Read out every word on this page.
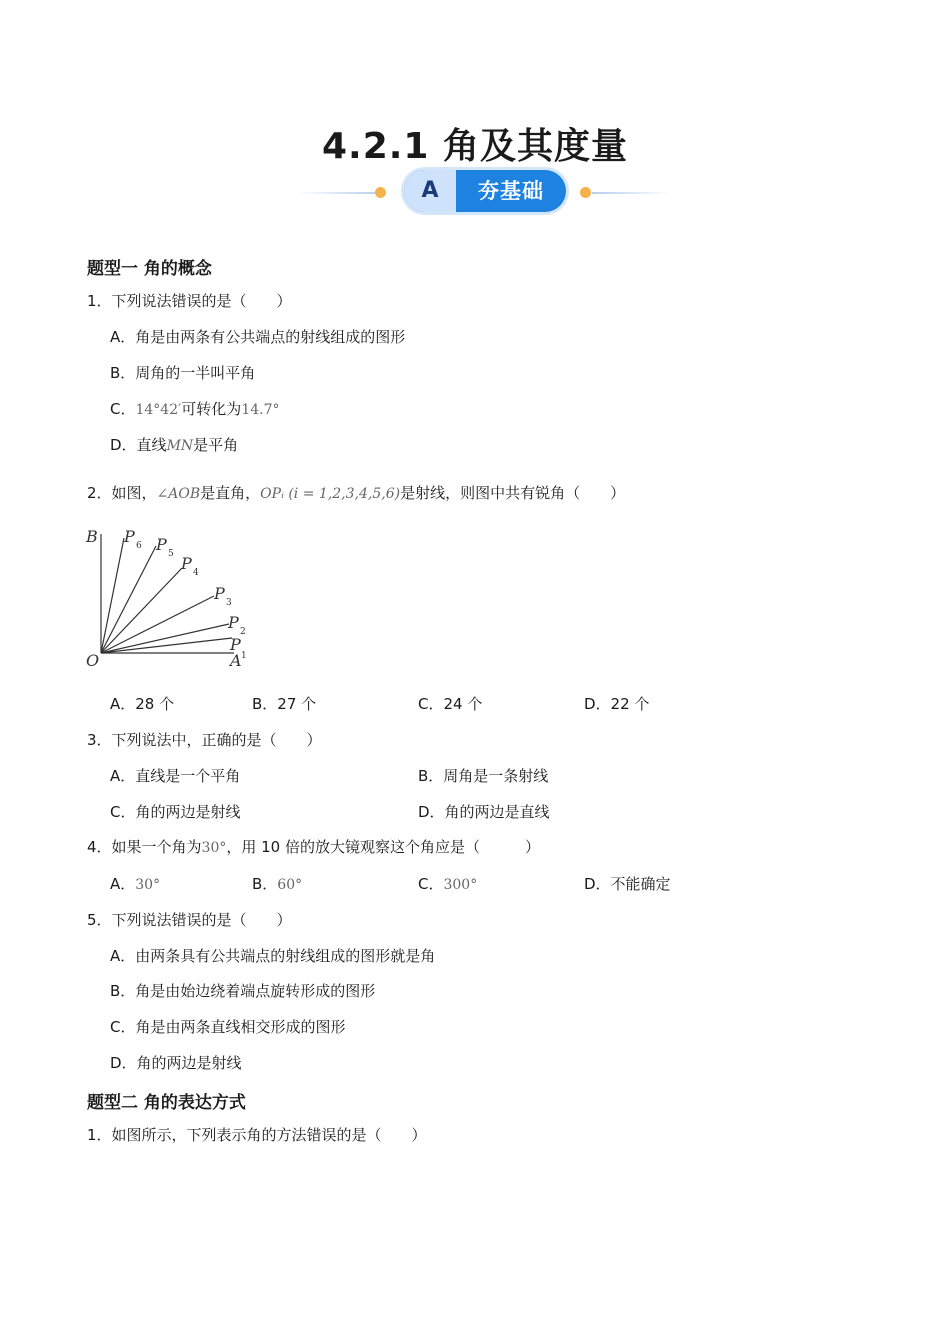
4.2.1 角及其度量
A	夯基础
题型一 角的概念
1．下列说法错误的是（　　）
A．角是由两条有公共端点的射线组成的图形
B．周角的一半叫平角
C．14°42′可转化为14.7°
D．直线MN是平角
2．如图，∠AOB是直角，OPᵢ (i = 1,2,3,4,5,6)是射线，则图中共有锐角（　　）
B
O	A
P P
P
P
P
P
6
5
4
3
2
1
A．28 个	B．27 个	C．24 个	D．22 个
3．下列说法中，正确的是（　　）
A．直线是一个平角	B．周角是一条射线
C．角的两边是射线	D．角的两边是直线
4．如果一个角为30°，用 10 倍的放大镜观察这个角应是（　　　）
A．30°	B．60°	C．300°	D．不能确定
5．下列说法错误的是（　　）
A．由两条具有公共端点的射线组成的图形就是角
B．角是由始边绕着端点旋转形成的图形
C．角是由两条直线相交形成的图形
D．角的两边是射线
题型二 角的表达方式
1．如图所示，下列表示角的方法错误的是（　　）
